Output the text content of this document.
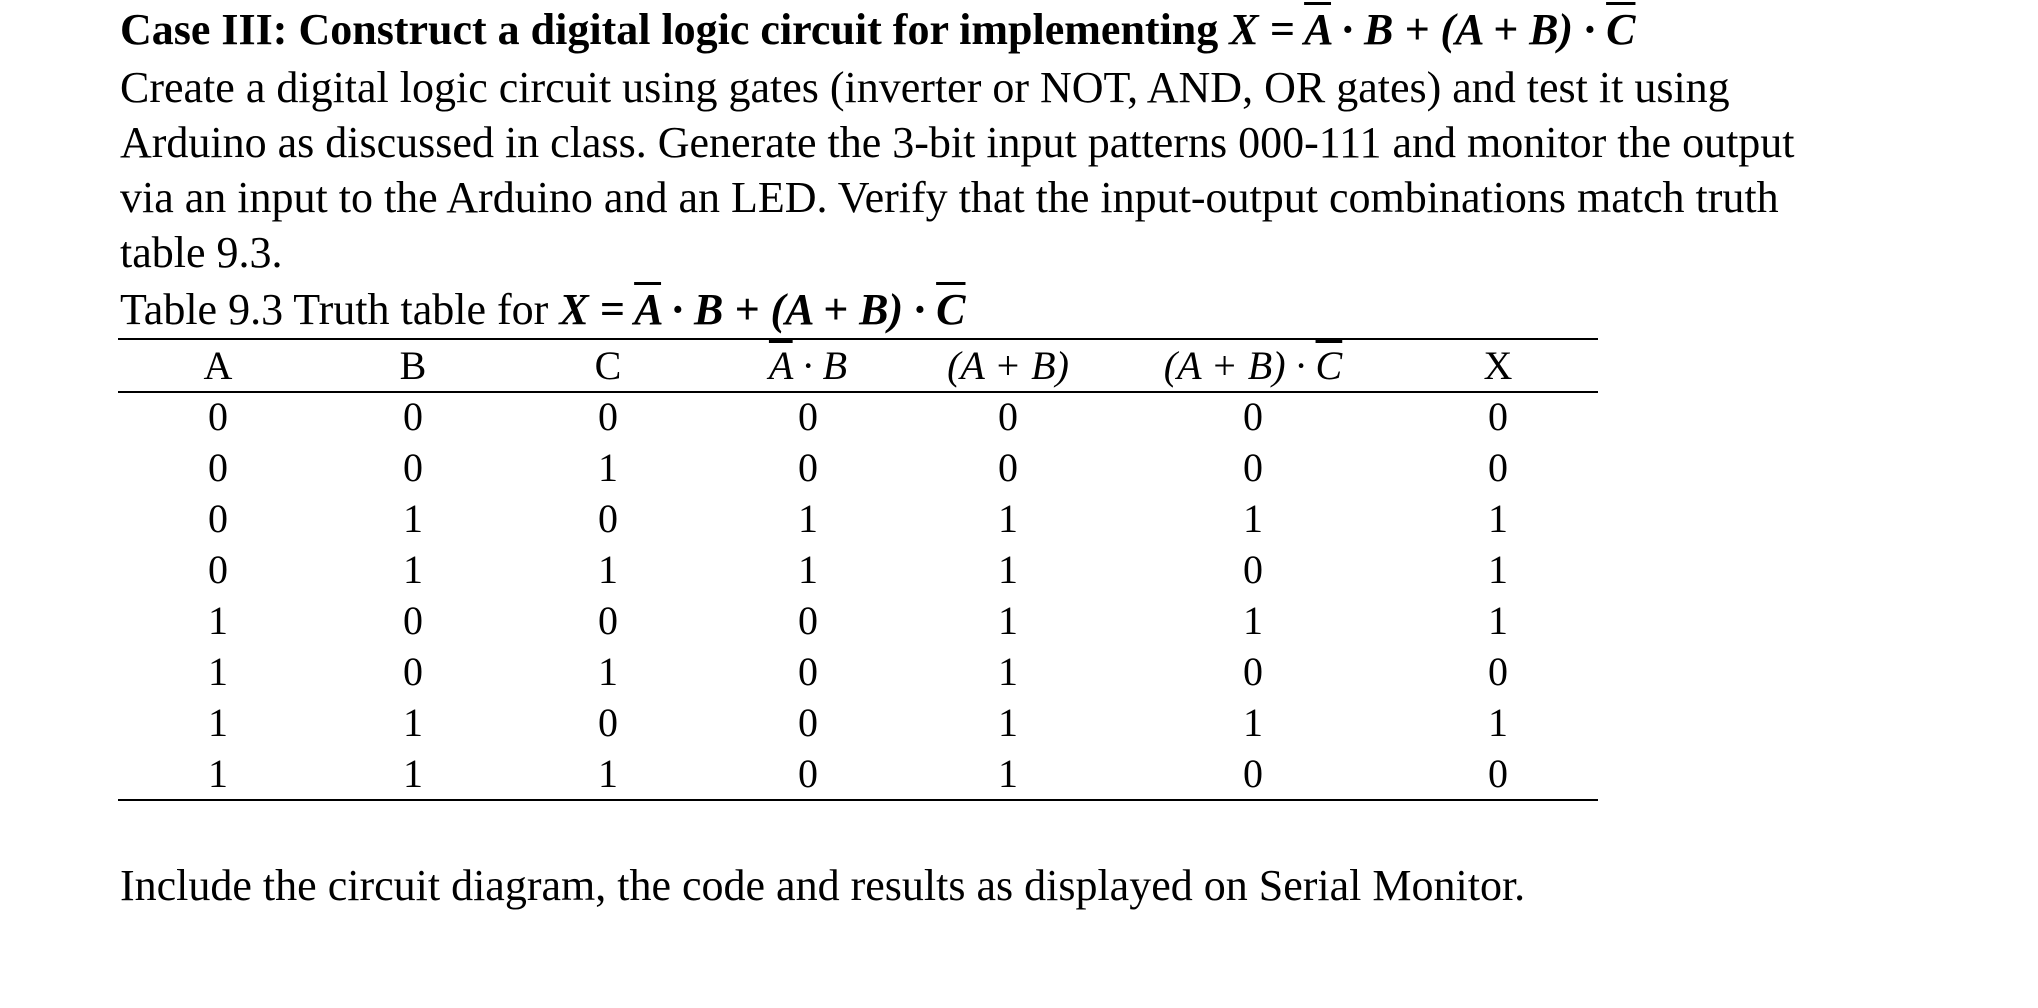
Case III: Construct a digital logic circuit for implementing $X = \overline{A} \cdot B + (A + B) \cdot \overline{C}$
Create a digital logic circuit using gates (inverter or NOT, AND, OR gates) and test it using
Arduino as discussed in class. Generate the 3-bit input patterns 000-111 and monitor the output
via an input to the Arduino and an LED. Verify that the input-output combinations match truth
table 9.3.
Table 9.3 Truth table for $X = \overline{A} \cdot B + (A + B) \cdot \overline{C}$
A	B	C	$\overline{A} \cdot B$	(A + B)	$(A + B) \cdot \overline{C}$	X
0	0	0	0	0	0	0
0	0	1	0	0	0	0
0	1	0	1	1	1	1
0	1	1	1	1	0	1
1	0	0	0	1	1	1
1	0	1	0	1	0	0
1	1	0	0	1	1	1
1	1	1	0	1	0	0
Include the circuit diagram, the code and results as displayed on Serial Monitor.
